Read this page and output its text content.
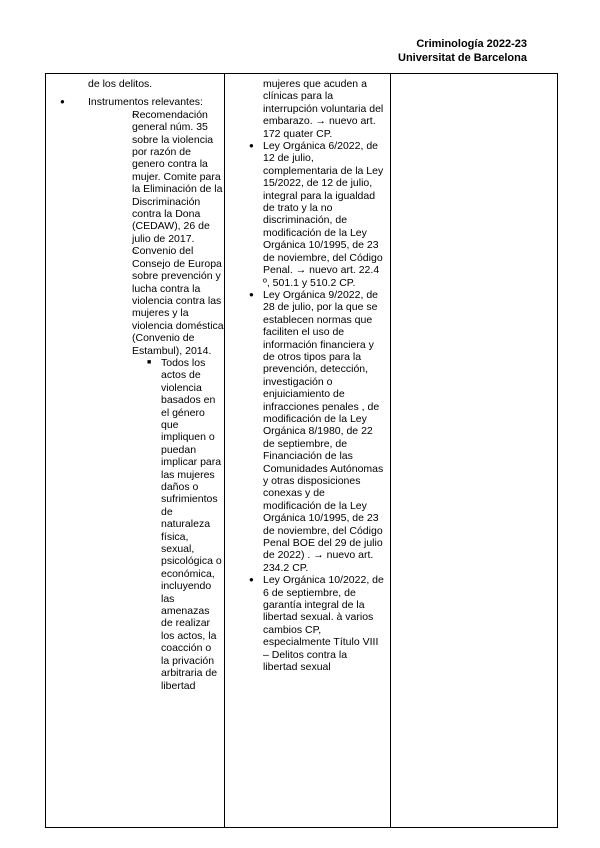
Criminología 2022-23
Universitat de Barcelona
de los delitos.
● Instrumentos relevantes:
○ Recomendación general núm. 35 sobre la violencia por razón de genero contra la mujer. Comite para la Eliminación de la Discriminación contra la Dona (CEDAW), 26 de julio de 2017.
○ Convenio del Consejo de Europa sobre prevención y lucha contra la violencia contra las mujeres y la violencia doméstica (Convenio de Estambul), 2014.
■ Todos los actos de violencia basados en el género que impliquen o puedan implicar para las mujeres daños o sufrimientos de naturaleza física, sexual, psicológica o económica, incluyendo las amenazas de realizar los actos, la coacción o la privación arbitraria de libertad

mujeres que acuden a clínicas para la interrupción voluntaria del embarazo. → nuevo art. 172 quater CP.
● Ley Orgánica 6/2022, de 12 de julio, complementaria de la Ley 15/2022, de 12 de julio, integral para la igualdad de trato y la no discriminación, de modificación de la Ley Orgánica 10/1995, de 23 de noviembre, del Código Penal. → nuevo art. 22.4 º, 501.1 y 510.2 CP.
● Ley Orgánica 9/2022, de 28 de julio, por la que se establecen normas que faciliten el uso de información financiera y de otros tipos para la prevención, detección, investigación o enjuiciamiento de infracciones penales , de modificación de la Ley Orgánica 8/1980, de 22 de septiembre, de Financiación de las Comunidades Autónomas y otras disposiciones conexas y de modificación de la Ley Orgánica 10/1995, de 23 de noviembre, del Código Penal BOE del 29 de julio de 2022) . → nuevo art. 234.2 CP.
● Ley Orgánica 10/2022, de 6 de septiembre, de garantía integral de la libertad sexual. à varios cambios CP, especialmente Título VIII – Delitos contra la libertad sexual
